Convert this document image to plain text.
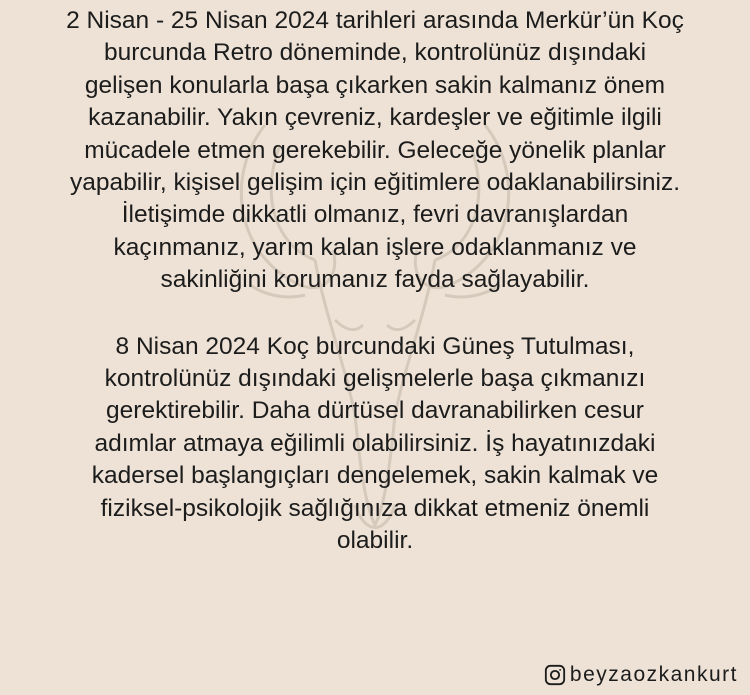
2 Nisan - 25 Nisan 2024 tarihleri arasında Merkür’ün Koç
burcunda Retro döneminde, kontrolünüz dışındaki
gelişen konularla başa çıkarken sakin kalmanız önem
kazanabilir. Yakın çevreniz, kardeşler ve eğitimle ilgili
mücadele etmen gerekebilir. Geleceğe yönelik planlar
yapabilir, kişisel gelişim için eğitimlere odaklanabilirsiniz.
İletişimde dikkatli olmanız, fevri davranışlardan
kaçınmanız, yarım kalan işlere odaklanmanız ve
sakinliğini korumanız fayda sağlayabilir.
8 Nisan 2024 Koç burcundaki Güneş Tutulması,
kontrolünüz dışındaki gelişmelerle başa çıkmanızı
gerektirebilir. Daha dürtüsel davranabilirken cesur
adımlar atmaya eğilimli olabilirsiniz. İş hayatınızdaki
kadersel başlangıçları dengelemek, sakin kalmak ve
fiziksel-psikolojik sağlığınıza dikkat etmeniz önemli
olabilir.
beyzaozkankurt
